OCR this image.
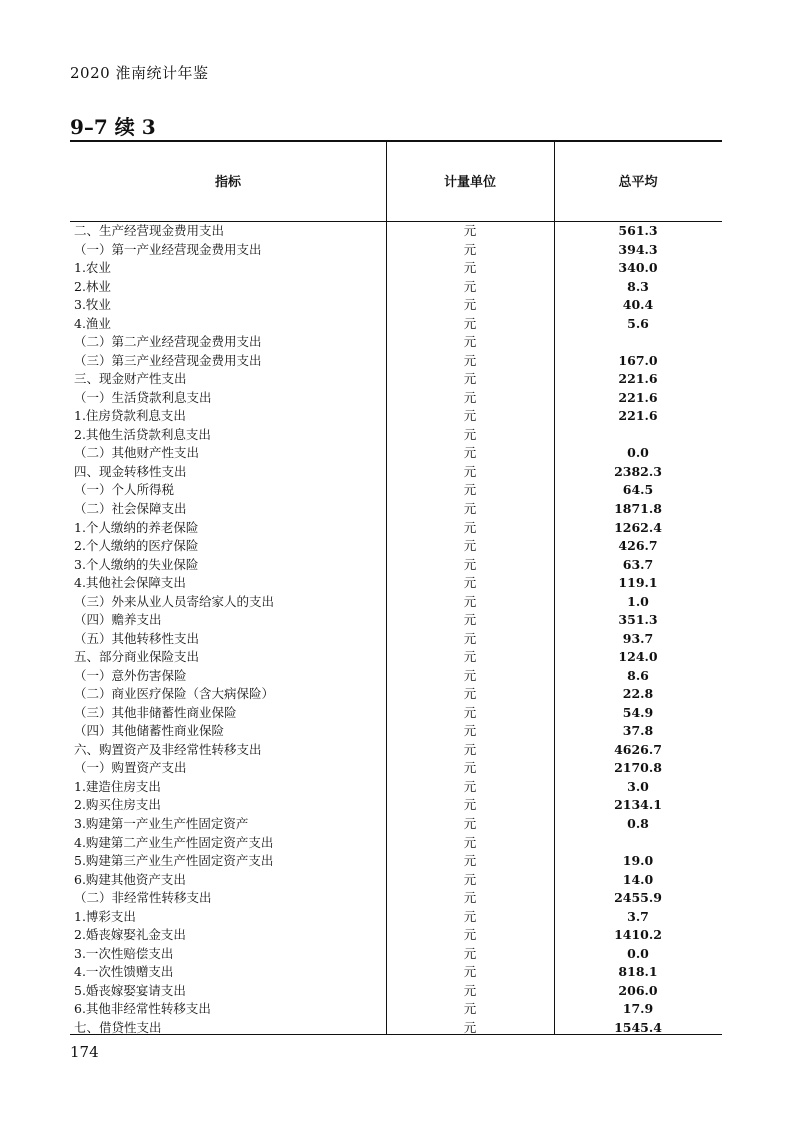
2020 淮南统计年鉴
9–7 续 3
指标	计量单位	总平均
二、生产经营现金费用支出	元	561.3
（一）第一产业经营现金费用支出	元	394.3
1.农业	元	340.0
2.林业	元	8.3
3.牧业	元	40.4
4.渔业	元	5.6
（二）第二产业经营现金费用支出	元
（三）第三产业经营现金费用支出	元	167.0
三、现金财产性支出	元	221.6
（一）生活贷款利息支出	元	221.6
1.住房贷款利息支出	元	221.6
2.其他生活贷款利息支出	元
（二）其他财产性支出	元	0.0
四、现金转移性支出	元	2382.3
（一）个人所得税	元	64.5
（二）社会保障支出	元	1871.8
1.个人缴纳的养老保险	元	1262.4
2.个人缴纳的医疗保险	元	426.7
3.个人缴纳的失业保险	元	63.7
4.其他社会保障支出	元	119.1
（三）外来从业人员寄给家人的支出	元	1.0
（四）赡养支出	元	351.3
（五）其他转移性支出	元	93.7
五、部分商业保险支出	元	124.0
（一）意外伤害保险	元	8.6
（二）商业医疗保险（含大病保险）	元	22.8
（三）其他非储蓄性商业保险	元	54.9
（四）其他储蓄性商业保险	元	37.8
六、购置资产及非经常性转移支出	元	4626.7
（一）购置资产支出	元	2170.8
1.建造住房支出	元	3.0
2.购买住房支出	元	2134.1
3.购建第一产业生产性固定资产	元	0.8
4.购建第二产业生产性固定资产支出	元
5.购建第三产业生产性固定资产支出	元	19.0
6.购建其他资产支出	元	14.0
（二）非经常性转移支出	元	2455.9
1.博彩支出	元	3.7
2.婚丧嫁娶礼金支出	元	1410.2
3.一次性赔偿支出	元	0.0
4.一次性馈赠支出	元	818.1
5.婚丧嫁娶宴请支出	元	206.0
6.其他非经常性转移支出	元	17.9
七、借贷性支出	元	1545.4
174
